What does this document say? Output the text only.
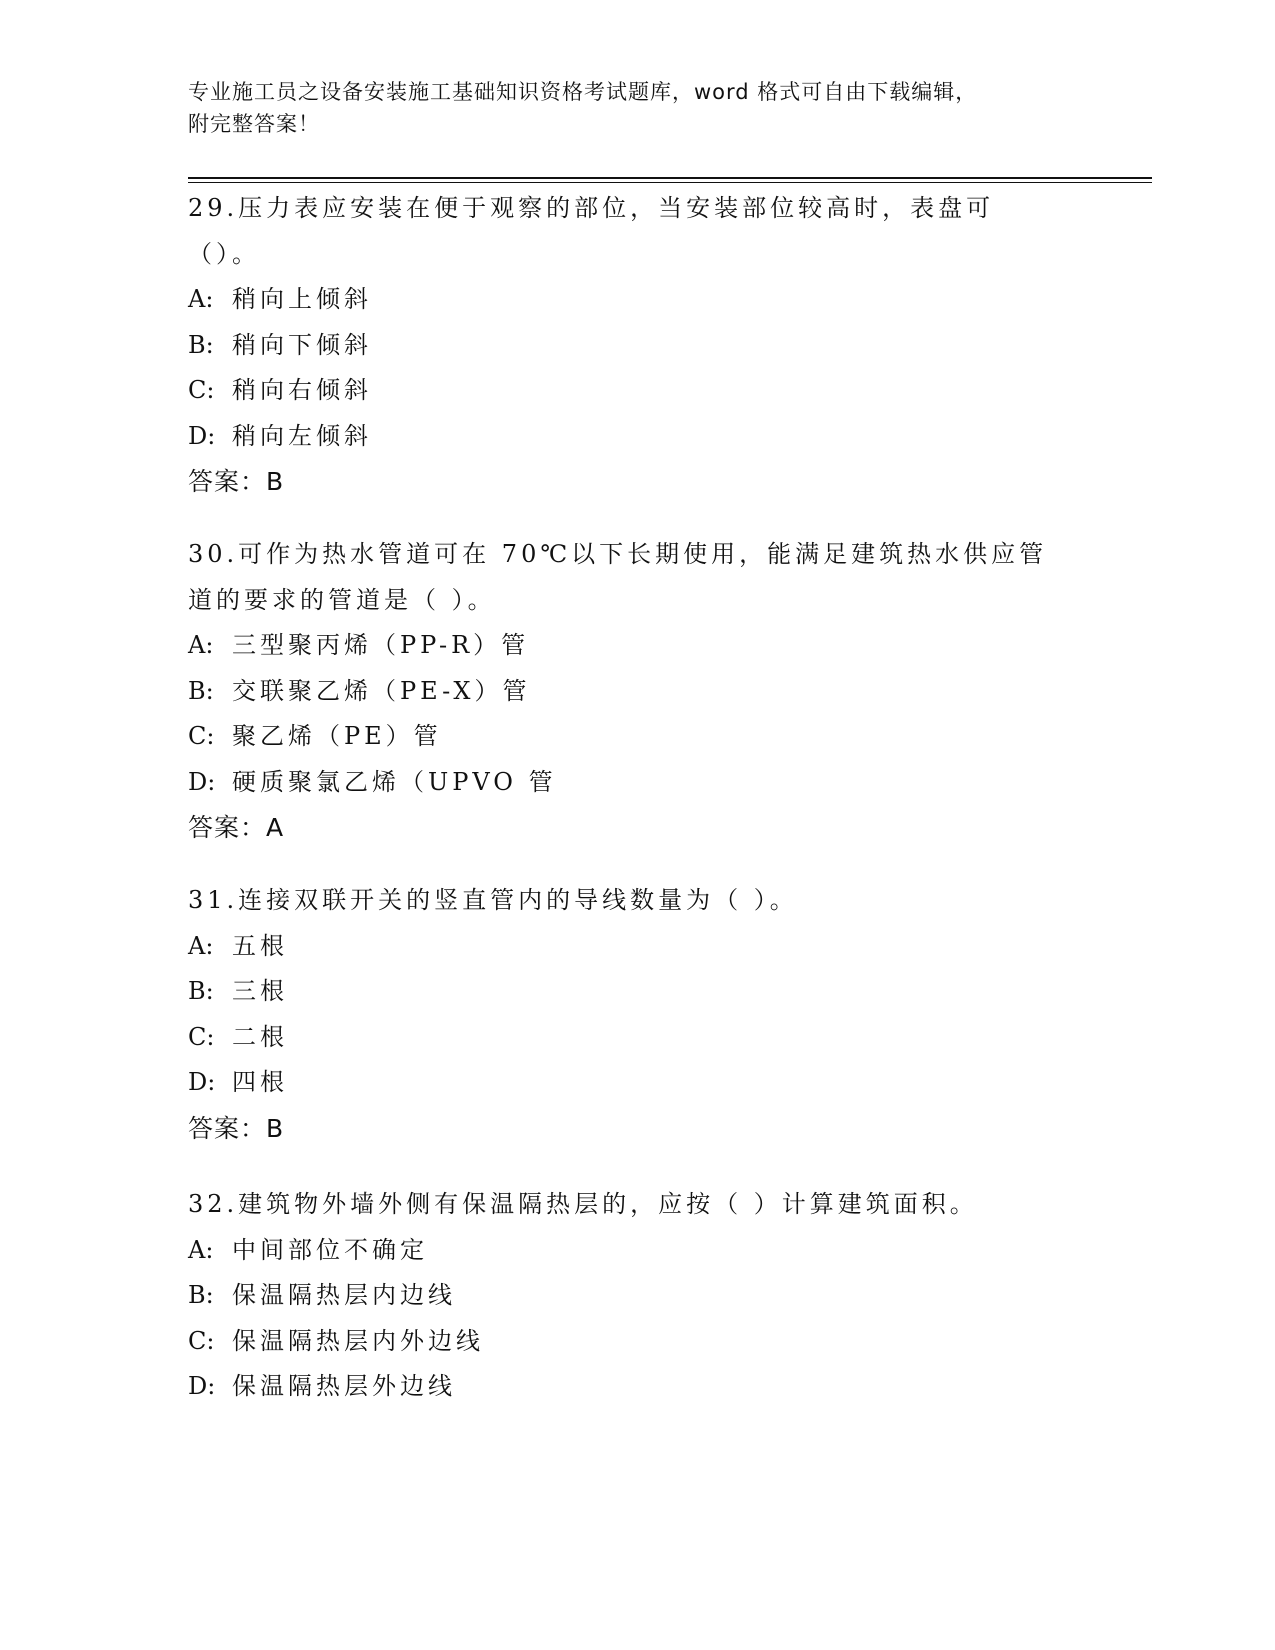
专业施工员之设备安装施工基础知识资格考试题库，word 格式可自由下载编辑，
附完整答案！
29.压力表应安装在便于观察的部位，当安装部位较高时，表盘可（）。
A: 稍向上倾斜
B: 稍向下倾斜
C: 稍向右倾斜
D: 稍向左倾斜
答案：B
30.可作为热水管道可在 70℃以下长期使用，能满足建筑热水供应管道的要求的管道是（ ）。
A: 三型聚丙烯（PP-R）管
B: 交联聚乙烯（PE-X）管
C: 聚乙烯（PE）管
D: 硬质聚氯乙烯（UPVO 管
答案：A
31.连接双联开关的竖直管内的导线数量为（ ）。
A: 五根
B: 三根
C: 二根
D: 四根
答案：B
32.建筑物外墙外侧有保温隔热层的，应按（ ）计算建筑面积。
A: 中间部位不确定
B: 保温隔热层内边线
C: 保温隔热层内外边线
D: 保温隔热层外边线
